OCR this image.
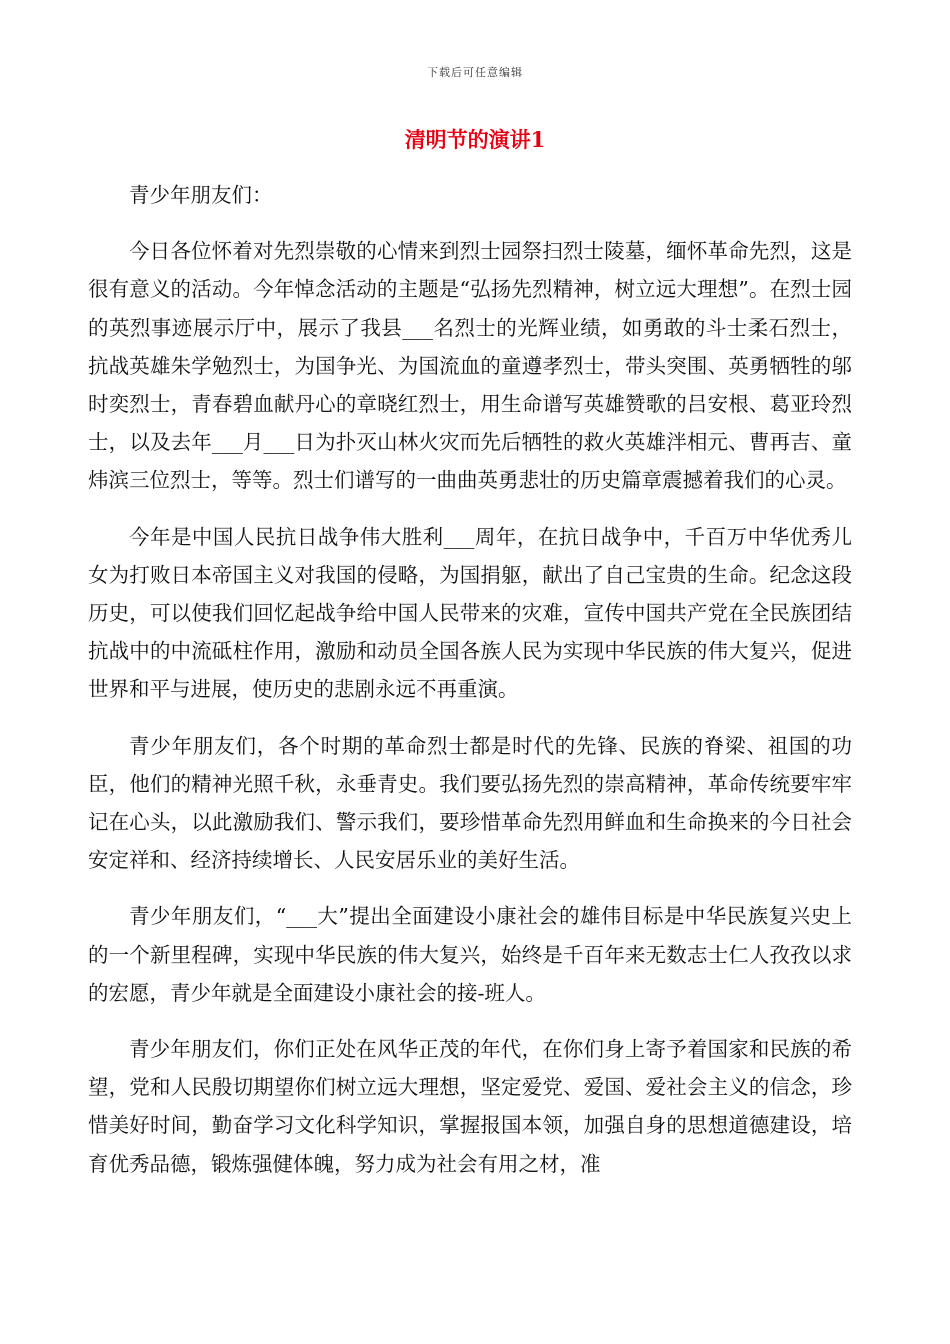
下载后可任意编辑
清明节的演讲1

青少年朋友们：

今日各位怀着对先烈崇敬的心情来到烈士园祭扫烈士陵墓，缅怀革命先烈，这是很有意义的活动。今年悼念活动的主题是“弘扬先烈精神，树立远大理想”。在烈士园的英烈事迹展示厅中，展示了我县___名烈士的光辉业绩，如勇敢的斗士柔石烈士，抗战英雄朱学勉烈士，为国争光、为国流血的童遵孝烈士，带头突围、英勇牺牲的邬时奕烈士，青春碧血献丹心的章晓红烈士，用生命谱写英雄赞歌的吕安根、葛亚玲烈士，以及去年___月___日为扑灭山林火灾而先后牺牲的救火英雄泮相元、曹再吉、童炜滨三位烈士，等等。烈士们谱写的一曲曲英勇悲壮的历史篇章震撼着我们的心灵。

今年是中国人民抗日战争伟大胜利___周年，在抗日战争中，千百万中华优秀儿女为打败日本帝国主义对我国的侵略，为国捐躯，献出了自己宝贵的生命。纪念这段历史，可以使我们回忆起战争给中国人民带来的灾难，宣传中国共产党在全民族团结抗战中的中流砥柱作用，激励和动员全国各族人民为实现中华民族的伟大复兴，促进世界和平与进展，使历史的悲剧永远不再重演。

青少年朋友们，各个时期的革命烈士都是时代的先锋、民族的脊梁、祖国的功臣，他们的精神光照千秋，永垂青史。我们要弘扬先烈的崇高精神，革命传统要牢牢记在心头，以此激励我们、警示我们，要珍惜革命先烈用鲜血和生命换来的今日社会安定祥和、经济持续增长、人民安居乐业的美好生活。

青少年朋友们，“___大”提出全面建设小康社会的雄伟目标是中华民族复兴史上的一个新里程碑，实现中华民族的伟大复兴，始终是千百年来无数志士仁人孜孜以求的宏愿，青少年就是全面建设小康社会的接-班人。

青少年朋友们，你们正处在风华正茂的年代，在你们身上寄予着国家和民族的希望，党和人民殷切期望你们树立远大理想，坚定爱党、爱国、爱社会主义的信念，珍惜美好时间，勤奋学习文化科学知识，掌握报国本领，加强自身的思想道德建设，培育优秀品德，锻炼强健体魄，努力成为社会有用之材，准
